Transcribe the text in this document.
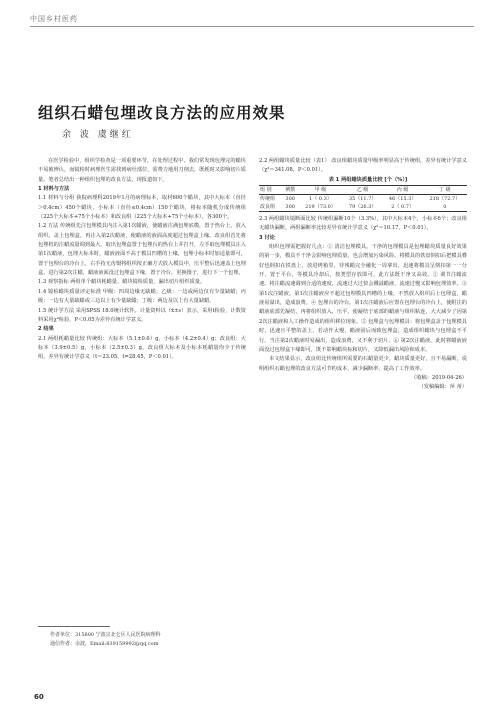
中国乡村医药
组织石蜡包埋改良方法的应用效果
余 波 虞继红

在医学检验中，组织学检查是一项重要环节，在处理过程中，我们常发现包埋完的蜡块不易被辨认，而镜检时病理医生需找到病灶部位，需费力地用刀削去，既耗时又影响切片质量。笔者总结出一种组织包埋的改良方法，现报道如下。

1 材料与方法

1.1 材料与分组 我院病理科2019年1月的病理标本，取材600个蜡块，其中大标本（直径＞0.4cm）450个蜡块，小标本（直径≤0.4cm）150个蜡块，将标本随机分成传统组（225个大标本+75个小标本）和改良组（225个大标本+75个小标本），各300个。

1.2 方法 传统组先注包埋模具内注入第1次蜡液，使蜡液注满包埋底模，置于热台上，放入组织，盖上包埋盒，再注入第2次蜡液，使蜡液的液面高度超过包埋盒上缘。改良组首先将包埋机的注蜡流量调到最大，取出包埋盒置于包埋台的热台上并打开，左手取包埋模具注入第1次蜡液，包埋大标本时，蜡液液面不高于模具凹槽的上缘，包埋小标本时加适量即可，置于包埋台的冷台上，右手持无齿镊将组织按正确方式放入模具中，压平整后迅速盖上包埋盒，进行第2次注蜡，蜡液液面没过包埋盒下缘，置于冷台，更换镊子，进行下一个包埋。

1.3 观察指标 两组单个蜡块耗蜡量、蜡块镜检质量，漏出切片组织质量。

1.4 镜检蜡块质量评定标准 甲级：四周边缘无缺蜡；乙级：一边或两边仅有少量缺蜡；丙级：一边有大量缺蜡或三边以上有少量缺蜡；丁级：两边及以上有大量缺蜡。

1.5 统计学方法 采用SPSS 18.0统计软件。计量资料以（x̄±s）表示，采用t检验，计数资料采用χ²检验，P＜0.05为差异有统计学意义。

2 结果

2.1 两组耗蜡量比较 传统组：大标本（5.1±0.6）g，小标本（4.2±0.4）g；改良组：大标本（3.9±0.5）g，小标本（2.5±0.3）g。改良组大标本及小标本耗蜡量均少于传统组，差异有统计学意义（t＝23.05、t=28.45，P＜0.01）。

2.2 两组蜡块质量比较（表1） 改良组蜡块质量甲级率明显高于传统组，差异有统计学意义（χ²＝341.08，P＜0.01）。

表 1 两组蜡块质量比较 [个（%）]

组 别	例数	甲 级	乙 级	丙 级	丁 级
传统组	300	1（ 0.3）	35（11.7）	46（15.3）	218（72.7）
改良组	300	219（73.0）	79（26.3）	2（ 0.7）	0

2.3 两组蜡块镜断面比较 传统组漏断10个（3.3%），其中大标本4个，小标本6个；改良组无蜡块漏断。两组漏断率比较差异有统计学意义（χ²＝10.17，P＜0.01）。

3 讨论

组织包埋需把握好几点：① 清洁包埋模具。干净的包埋模具是包埋蜡块质量良好效果的第一步，模具不干净会影响包埋质量，也会增加污染风险。将模具的铁盘倒扣后把模具叠好也倒扣在铁盘上，放进烤箱里，待残蜡完全融化一周拿出，迅速将模具呈倒扣第一一分开，置于平台，等模具冷却后，按类型存放即可。此方法既干净又高效。② 调节注蜡流速。将注蜡流速调到合适的速度，流速过大过快会溅溢蜡液，流速过慢又影响包埋效率。③ 第1次注蜡液。第1次注蜡液应不超过包埋模具凹槽的上缘，不然放入组织后上包埋盒，蜡液易溢出，造成浪费。④ 包埋台的冷台。第1次注蜡液后应置在包埋台的冷台上，使附注的蜡液底部先凝结，再将组织放入，压平，使凝结于底部的蜡液与组织粘连，大大减少了因第2次注蜡液和人工操作造成的组织移位现象。⑤ 包埋盒与包埋模具：将包埋盒盖于包埋模具时，迅速且平整的盖上，若动作太慢，蜡液固后而致包埋盒，造成组织蜡块与包埋盒不平行，当注第2次蜡液时易漏出，造成浪费，又不利于切片。⑥ 第2次注蜡液。此时将蜡液液面没过包埋盒下缘即可，既不影响蜡块标和切片，又降低漏出风险和成本。

本文结果显示，改良组比传统组所需要的石蜡量更少，蜡块质量更好，且不易漏断，说明组织石蜡包埋的改良方法可节约成本、减少漏断率、提高了工作效率。

（收稿：2019-04-26）

（发稿编辑：萍 蒂）

作者单位：315800 宁波宗北仑区人民医院病理科
通信作者：余波，Email:839159992@qq.com
60
